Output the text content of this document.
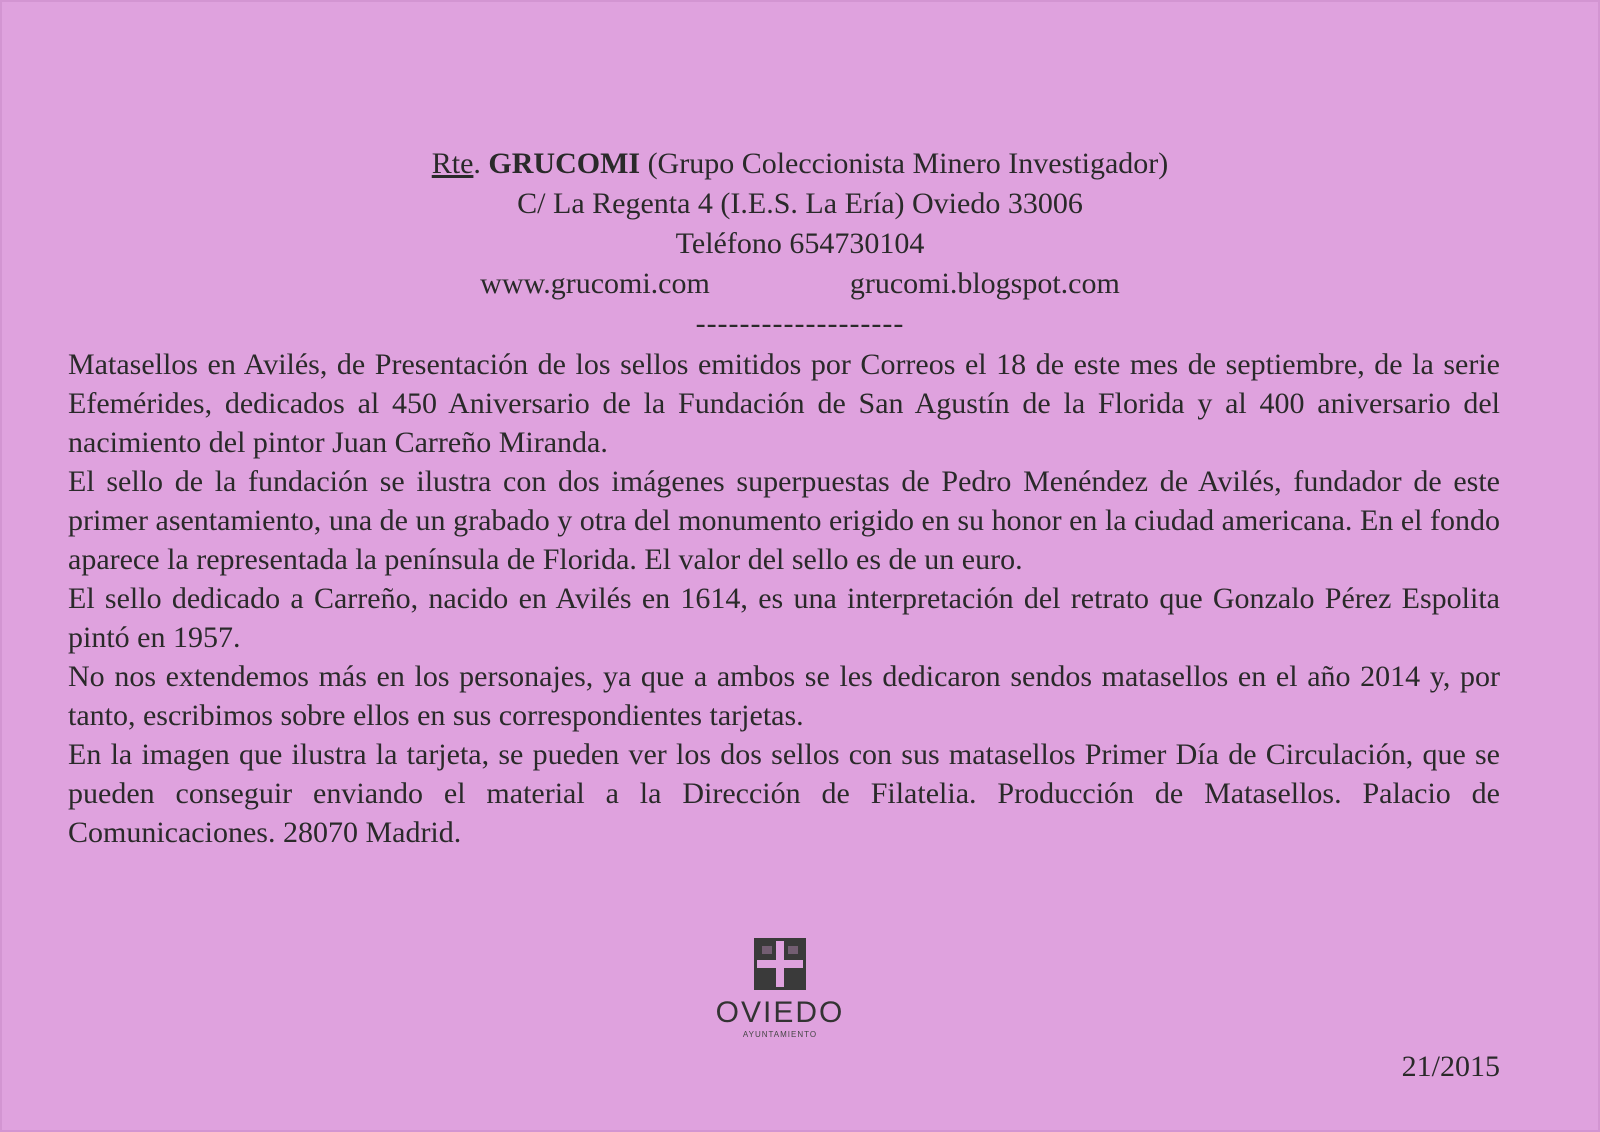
Rte. GRUCOMI (Grupo Coleccionista Minero Investigador)
C/ La Regenta 4 (I.E.S. La Ería) Oviedo 33006
Teléfono 654730104
www.grucomi.com	grucomi.blogspot.com
-------------------

Matasellos en Avilés, de Presentación de los sellos emitidos por Correos el 18 de este mes de septiembre, de la serie Efemérides, dedicados al 450 Aniversario de la Fundación de San Agustín de la Florida y al 400 aniversario del nacimiento del pintor Juan Carreño Miranda.

El sello de la fundación se ilustra con dos imágenes superpuestas de Pedro Menéndez de Avilés, fundador de este primer asentamiento, una de un grabado y otra del monumento erigido en su honor en la ciudad americana. En el fondo aparece la representada la península de Florida. El valor del sello es de un euro.

El sello dedicado a Carreño, nacido en Avilés en 1614, es una interpretación del retrato que Gonzalo Pérez Espolita pintó en 1957.

No nos extendemos más en los personajes, ya que a ambos se les dedicaron sendos matasellos en el año 2014 y, por tanto, escribimos sobre ellos en sus correspondientes tarjetas.

En la imagen que ilustra la tarjeta, se pueden ver los dos sellos con sus matasellos Primer Día de Circulación, que se pueden conseguir enviando el material a la Dirección de Filatelia. Producción de Matasellos. Palacio de Comunicaciones. 28070 Madrid.

OVIEDO
AYUNTAMIENTO
21/2015
